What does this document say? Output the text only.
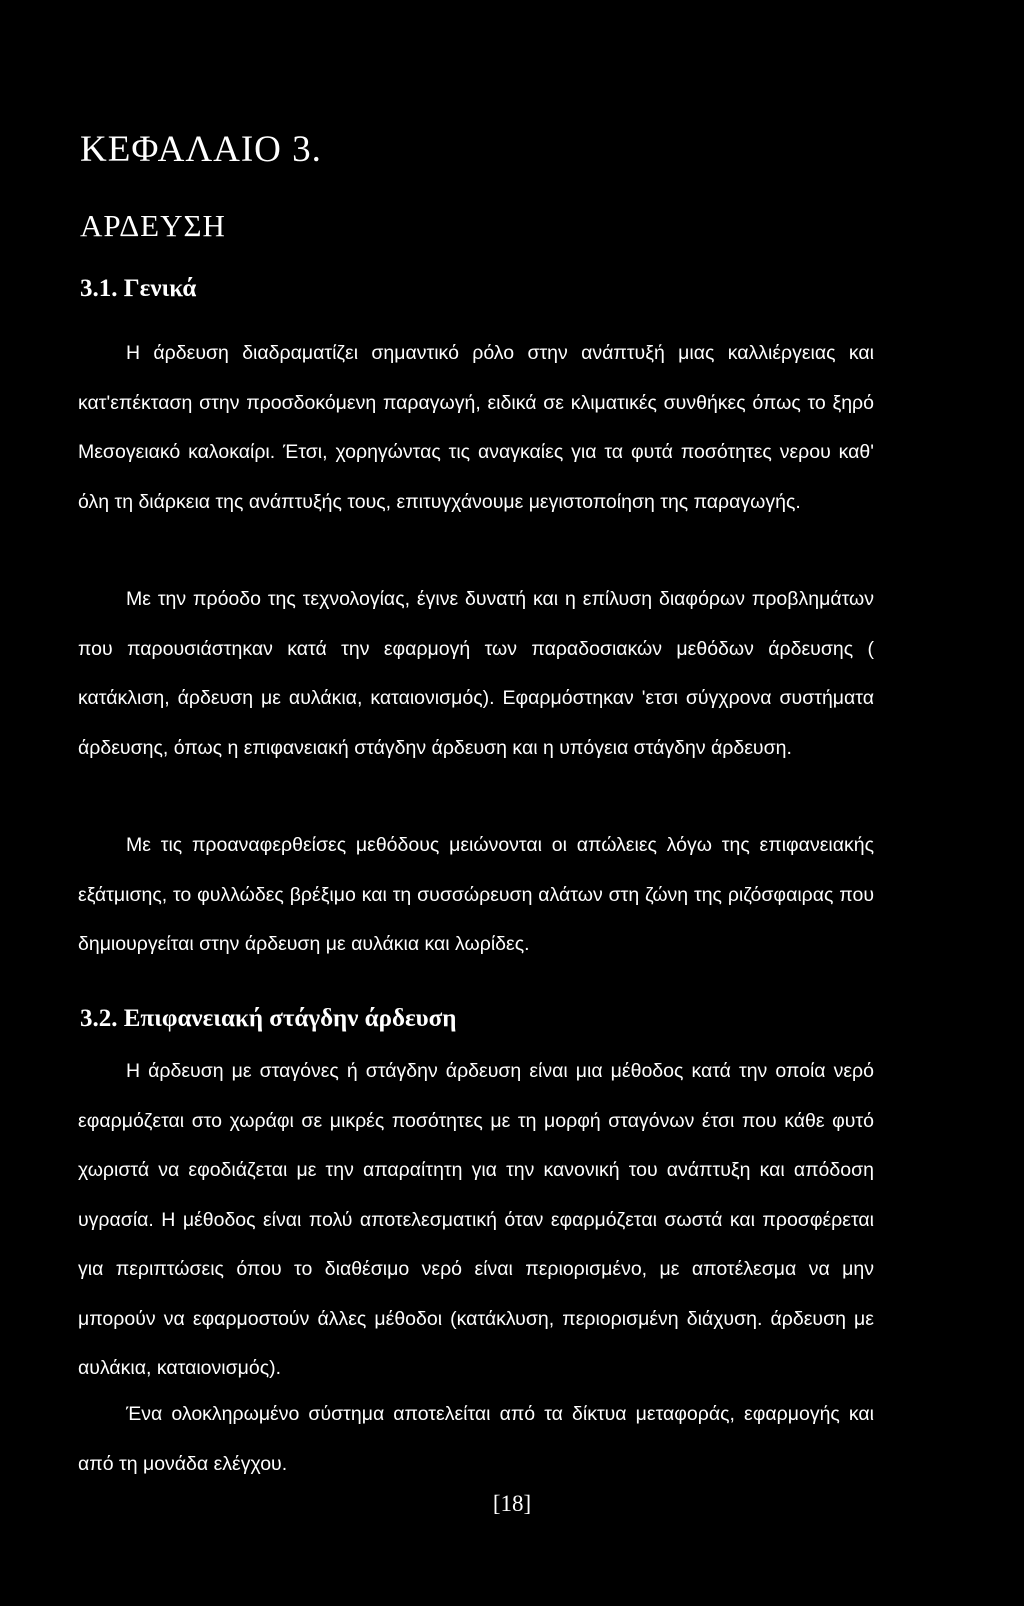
ΚΕΦΑΛΑΙΟ 3.
ΑΡΔΕΥΣΗ
3.1. Γενικά

Η άρδευση διαδραματίζει σημαντικό ρόλο στην ανάπτυξή μιας καλλιέργειας και κατ'επέκταση στην προσδοκόμενη παραγωγή, ειδικά σε κλιματικές συνθήκες όπως το ξηρό Μεσογειακό καλοκαίρι. Έτσι, χορηγώντας τις αναγκαίες για τα φυτά ποσότητες νερου καθ' όλη τη διάρκεια της ανάπτυξής τους, επιτυγχάνουμε μεγιστοποίηση της παραγωγής.

Με την πρόοδο της τεχνολογίας, έγινε δυνατή και η επίλυση διαφόρων προβλημάτων που παρουσιάστηκαν κατά την εφαρμογή των παραδοσιακών μεθόδων άρδευσης ( κατάκλιση, άρδευση με αυλάκια, καταιονισμός). Εφαρμόστηκαν 'ετσι σύγχρονα συστήματα άρδευσης, όπως η επιφανειακή στάγδην άρδευση και η υπόγεια στάγδην άρδευση.

Με τις προαναφερθείσες μεθόδους μειώνονται οι απώλειες λόγω της επιφανειακής εξάτμισης, το φυλλώδες βρέξιμο και τη συσσώρευση αλάτων στη ζώνη της ριζόσφαιρας που δημιουργείται στην άρδευση με αυλάκια και λωρίδες.

3.2. Επιφανειακή στάγδην άρδευση

Η άρδευση με σταγόνες ή στάγδην άρδευση είναι μια μέθοδος κατά την οποία νερό εφαρμόζεται στο χωράφι σε μικρές ποσότητες με τη μορφή σταγόνων έτσι που κάθε φυτό χωριστά να εφοδιάζεται με την απαραίτητη για την κανονική του ανάπτυξη και απόδοση υγρασία. Η μέθοδος είναι πολύ αποτελεσματική όταν εφαρμόζεται σωστά και προσφέρεται για περιπτώσεις όπου το διαθέσιμο νερό είναι περιορισμένο, με αποτέλεσμα να μην μπορούν να εφαρμοστούν άλλες μέθοδοι (κατάκλυση, περιορισμένη διάχυση. άρδευση με αυλάκια, καταιονισμός).

Ένα ολοκληρωμένο σύστημα αποτελείται από τα δίκτυα μεταφοράς, εφαρμογής και από τη μονάδα ελέγχου.

[18]
